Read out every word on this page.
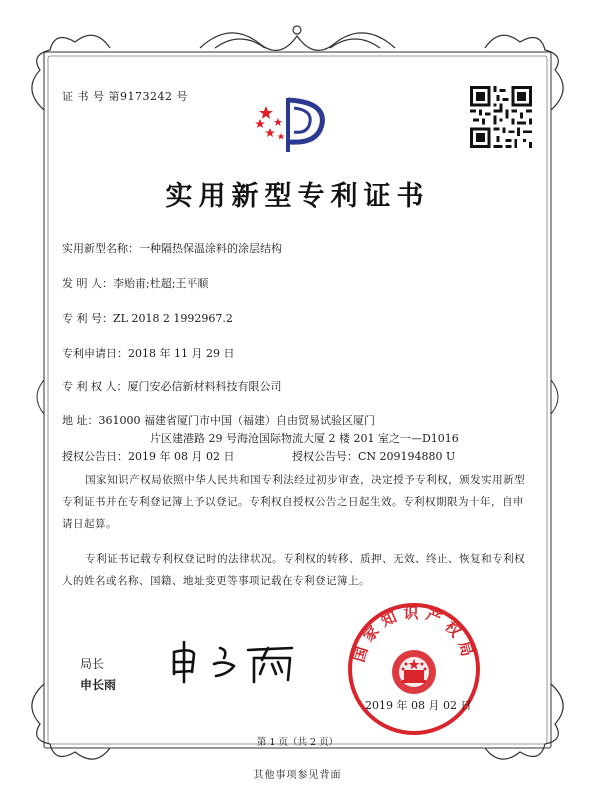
证 书 号 第9173242 号
实用新型专利证书
实用新型名称：一种隔热保温涂料的涂层结构
发 明 人：李贻甫;杜超;王平顺
专 利 号：ZL 2018 2 1992967.2
专利申请日：2018 年 11 月 29 日
专 利 权 人：厦门安必信新材料科技有限公司
地 址：361000 福建省厦门市中国（福建）自由贸易试验区厦门
片区建港路 29 号海沧国际物流大厦 2 楼 201 室之一—D1016
授权公告日：2019 年 08 月 02 日	授权公告号：CN 209194880 U
国家知识产权局依照中华人民共和国专利法经过初步审查，决定授予专利权，颁发实用新型专利证书并在专利登记簿上予以登记。专利权自授权公告之日起生效。专利权期限为十年，自申请日起算。
专利证书记载专利权登记时的法律状况。专利权的转移、质押、无效、终止、恢复和专利权人的姓名或名称、国籍、地址变更等事项记载在专利登记簿上。
局长
申长雨
国家知识产权局
2019 年 08 月 02 日
第 1 页（共 2 页）
其他事项参见背面
